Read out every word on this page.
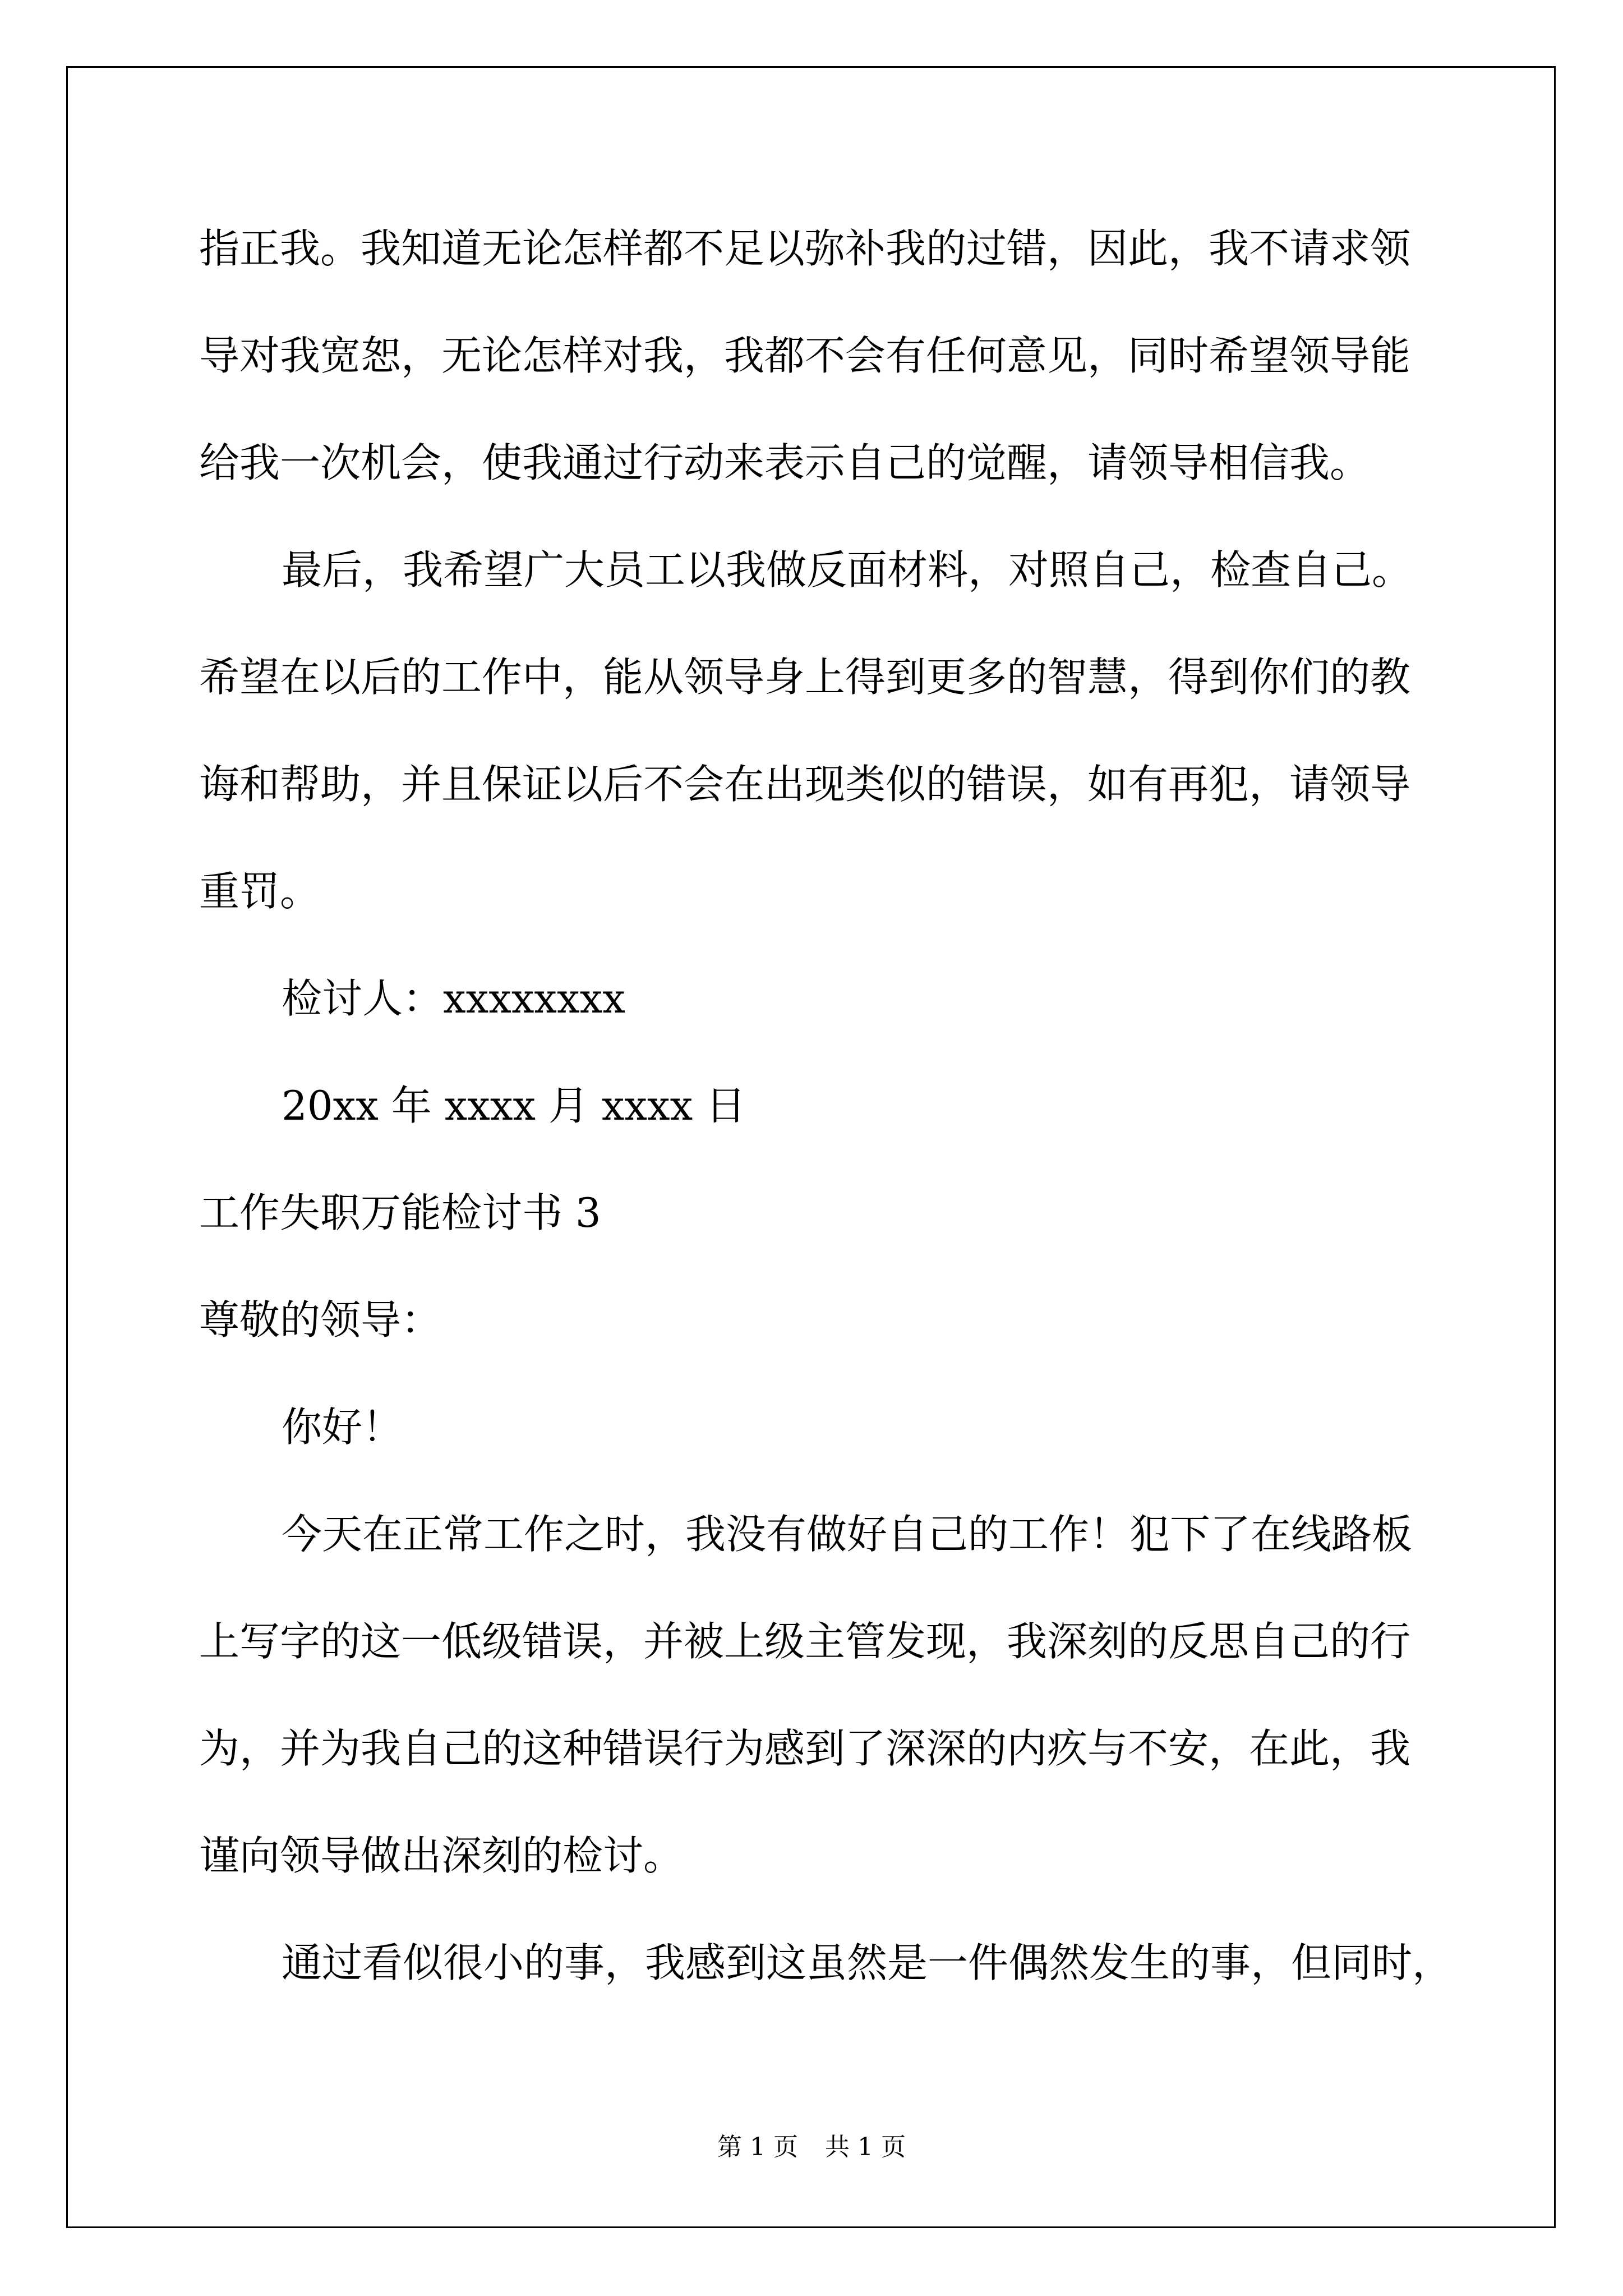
指正我。我知道无论怎样都不足以弥补我的过错，因此，我不请求领
导对我宽恕，无论怎样对我，我都不会有任何意见，同时希望领导能
给我一次机会，使我通过行动来表示自己的觉醒，请领导相信我。
最后，我希望广大员工以我做反面材料，对照自己，检查自己。
希望在以后的工作中，能从领导身上得到更多的智慧，得到你们的教
诲和帮助，并且保证以后不会在出现类似的错误，如有再犯，请领导
重罚。
检讨人：xxxxxxxx
20xx 年 xxxx 月 xxxx 日
工作失职万能检讨书 3
尊敬的领导：
你好！
今天在正常工作之时，我没有做好自己的工作！犯下了在线路板
上写字的这一低级错误，并被上级主管发现，我深刻的反思自己的行
为，并为我自己的这种错误行为感到了深深的内疚与不安，在此，我
谨向领导做出深刻的检讨。
通过看似很小的事，我感到这虽然是一件偶然发生的事，但同时，
第 1 页 共 1 页
